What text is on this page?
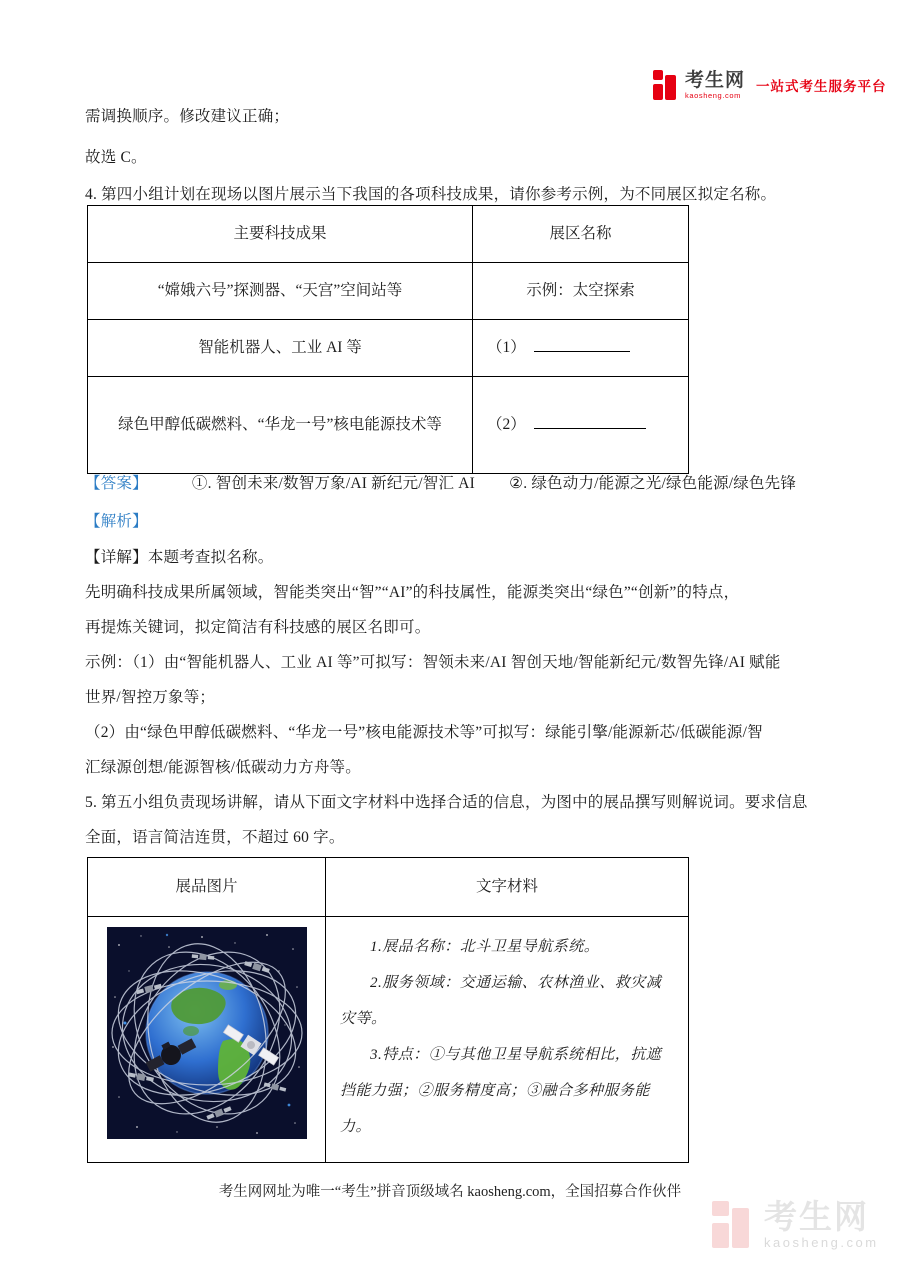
考生网
kaosheng.com
一站式考生服务平台
需调换顺序。修改建议正确；
故选 C。
4. 第四小组计划在现场以图片展示当下我国的各项科技成果，请你参考示例，为不同展区拟定名称。
主要科技成果	展区名称
“嫦娥六号”探测器、“天宫”空间站等	示例：太空探索
智能机器人、工业 AI 等	（1）
绿色甲醇低碳燃料、“华龙一号”核电能源技术等	（2）
【答案】	①. 智创未来/数智万象/AI 新纪元/智汇 AI ②. 绿色动力/能源之光/绿色能源/绿色先锋
【解析】
【详解】本题考查拟名称。
先明确科技成果所属领域，智能类突出“智”“AI”的科技属性，能源类突出“绿色”“创新”的特点，
再提炼关键词，拟定简洁有科技感的展区名即可。
示例：（1）由“智能机器人、工业 AI 等”可拟写：智领未来/AI 智创天地/智能新纪元/数智先锋/AI 赋能
世界/智控万象等；
（2）由“绿色甲醇低碳燃料、“华龙一号”核电能源技术等”可拟写：绿能引擎/能源新芯/低碳能源/智
汇绿源创想/能源智核/低碳动力方舟等。
5. 第五小组负责现场讲解，请从下面文字材料中选择合适的信息，为图中的展品撰写则解说词。要求信息
全面，语言简洁连贯，不超过 60 字。
展品图片	文字材料

1.展品名称：北斗卫星导航系统。

2.服务领域：交通运输、农林渔业、救灾减灾等。

3.特点：①与其他卫星导航系统相比，抗遮挡能力强；②服务精度高；③融合多种服务能力。

考生网网址为唯一“考生”拼音顶级域名 kaosheng.com，全国招募合作伙伴
考生网
kaosheng.com
